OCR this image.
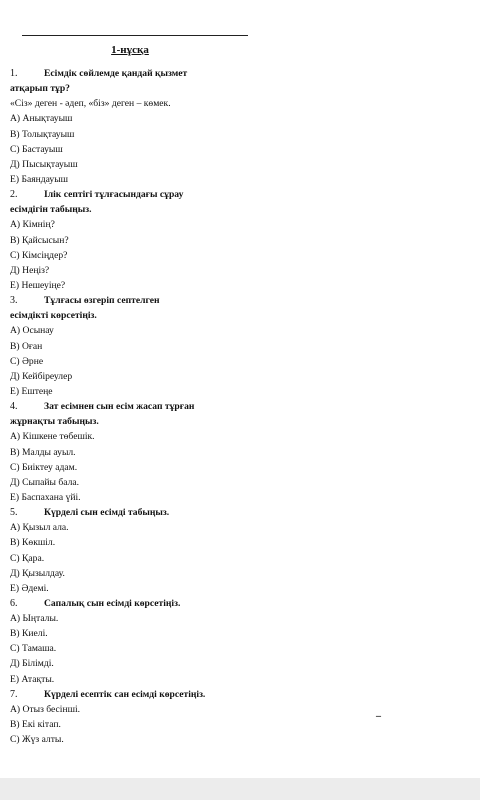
1-нұсқа
1.	Есімдік сөйлемде қандай қызмет
атқарып тұр?
«Сіз» деген - әдеп, «біз» деген – көмек.
А) Анықтауыш
В) Толықтауыш
С) Бастауыш
Д) Пысықтауыш
Е) Баяндауыш
2.	Ілік септігі тұлғасындағы сұрау
есімдігін табыңыз.
А) Кімнің?
В) Қайсысын?
С) Кімсіңдер?
Д) Неңіз?
Е) Нешеуіңе?
3.	Тұлғасы өзгеріп септелген
есімдікті көрсетіңіз.
А) Осынау
В) Оған
С) Әрне
Д) Кейбіреулер
Е) Ештеңе
4.	Зат есімнен сын есім жасап тұрған
жұрнақты табыңыз.
А) Кішкене төбешік.
В) Малды ауыл.
С) Биіктеу адам.
Д) Сыпайы бала.
Е) Баспахана үйі.
5.	Күрделі сын есімді табыңыз.
А) Қызыл ала.
В) Көкшіл.
С) Қара.
Д) Қызылдау.
Е) Әдемі.
6.	Сапалық сын есімді көрсетіңіз.
А) Ыңталы.
В) Киелі.
С) Тамаша.
Д) Білімді.
Е) Атақты.
7.	Күрделі есептік сан есімді көрсетіңіз.
А) Отыз бесінші.
В) Екі кітап.
С) Жүз алты.
–
